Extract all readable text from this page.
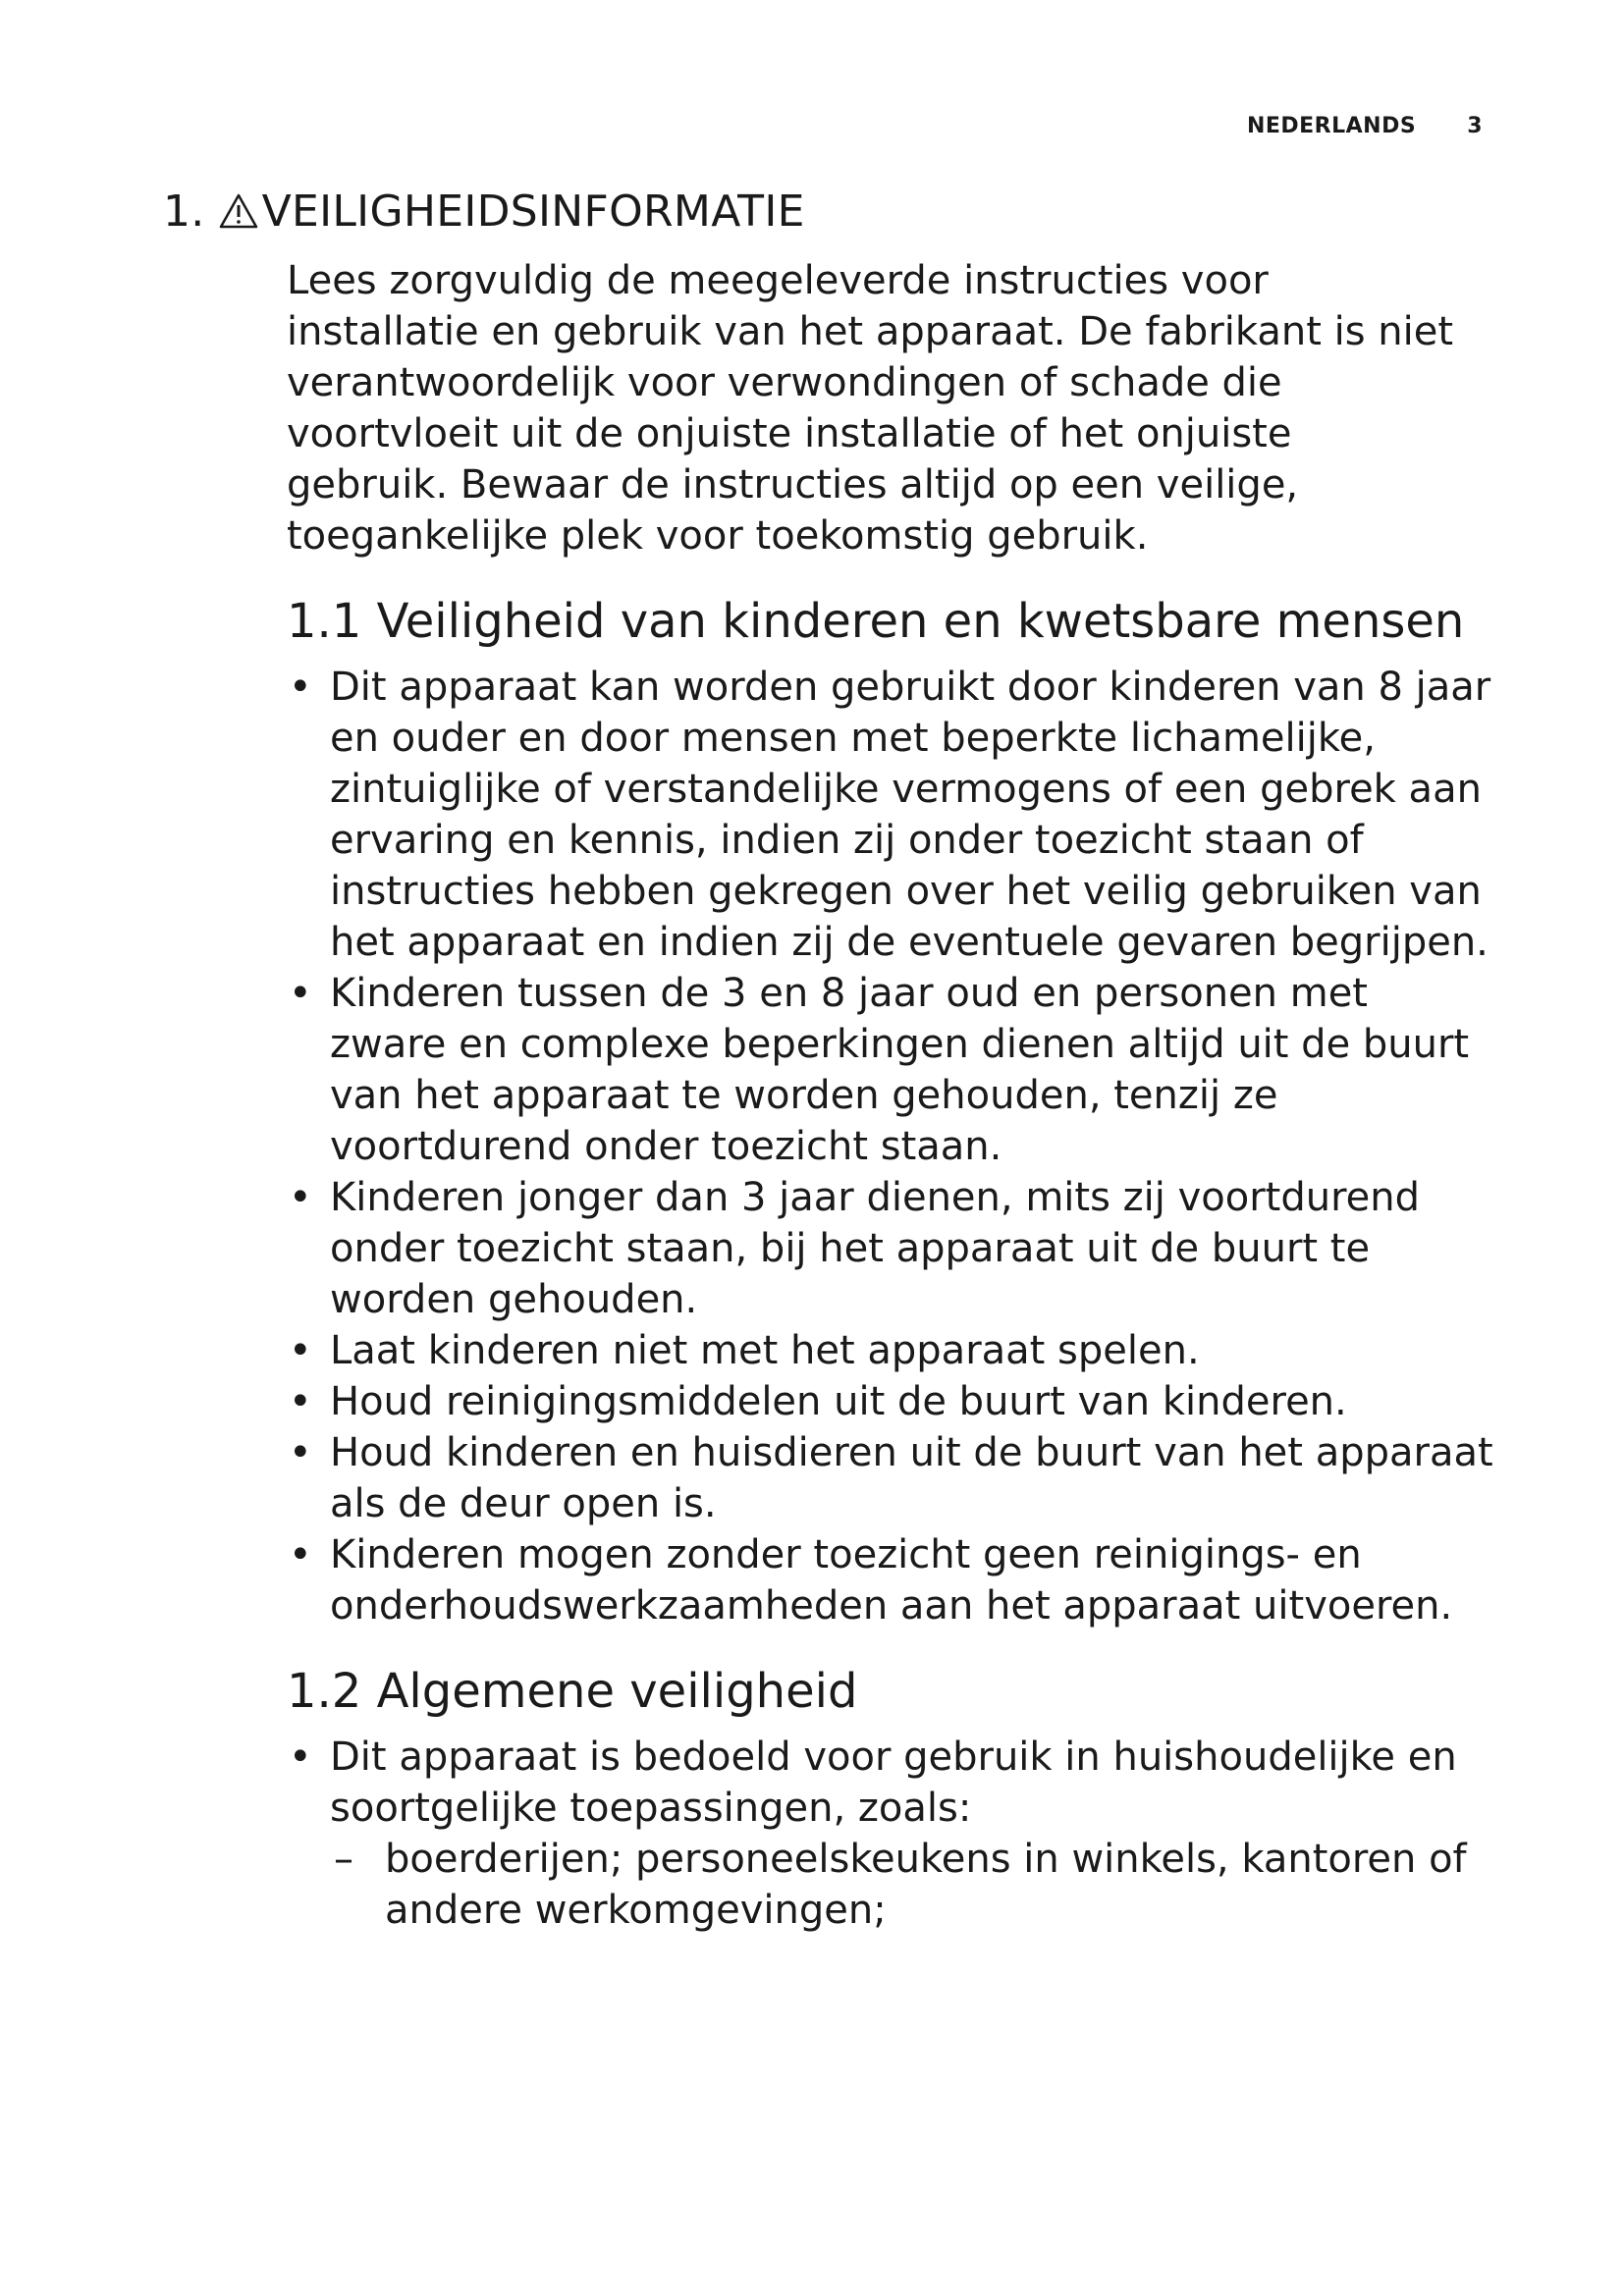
NEDERLANDS 3
1. VEILIGHEIDSINFORMATIE

Lees zorgvuldig de meegeleverde instructies voor installatie en gebruik van het apparaat. De fabrikant is niet verantwoordelijk voor verwondingen of schade die voortvloeit uit de onjuiste installatie of het onjuiste gebruik. Bewaar de instructies altijd op een veilige, toegankelijke plek voor toekomstig gebruik.

1.1 Veiligheid van kinderen en kwetsbare mensen
• Dit apparaat kan worden gebruikt door kinderen van 8 jaar en ouder en door mensen met beperkte lichamelijke, zintuiglijke of verstandelijke vermogens of een gebrek aan ervaring en kennis, indien zij onder toezicht staan of instructies hebben gekregen over het veilig gebruiken van het apparaat en indien zij de eventuele gevaren begrijpen.
• Kinderen tussen de 3 en 8 jaar oud en personen met zware en complexe beperkingen dienen altijd uit de buurt van het apparaat te worden gehouden, tenzij ze voortdurend onder toezicht staan.
• Kinderen jonger dan 3 jaar dienen, mits zij voortdurend onder toezicht staan, bij het apparaat uit de buurt te worden gehouden.
• Laat kinderen niet met het apparaat spelen.
• Houd reinigingsmiddelen uit de buurt van kinderen.
• Houd kinderen en huisdieren uit de buurt van het apparaat als de deur open is.
• Kinderen mogen zonder toezicht geen reinigings- en onderhoudswerkzaamheden aan het apparaat uitvoeren.
1.2 Algemene veiligheid
• Dit apparaat is bedoeld voor gebruik in huishoudelijke en soortgelijke toepassingen, zoals:
– boerderijen; personeelskeukens in winkels, kantoren of andere werkomgevingen;
